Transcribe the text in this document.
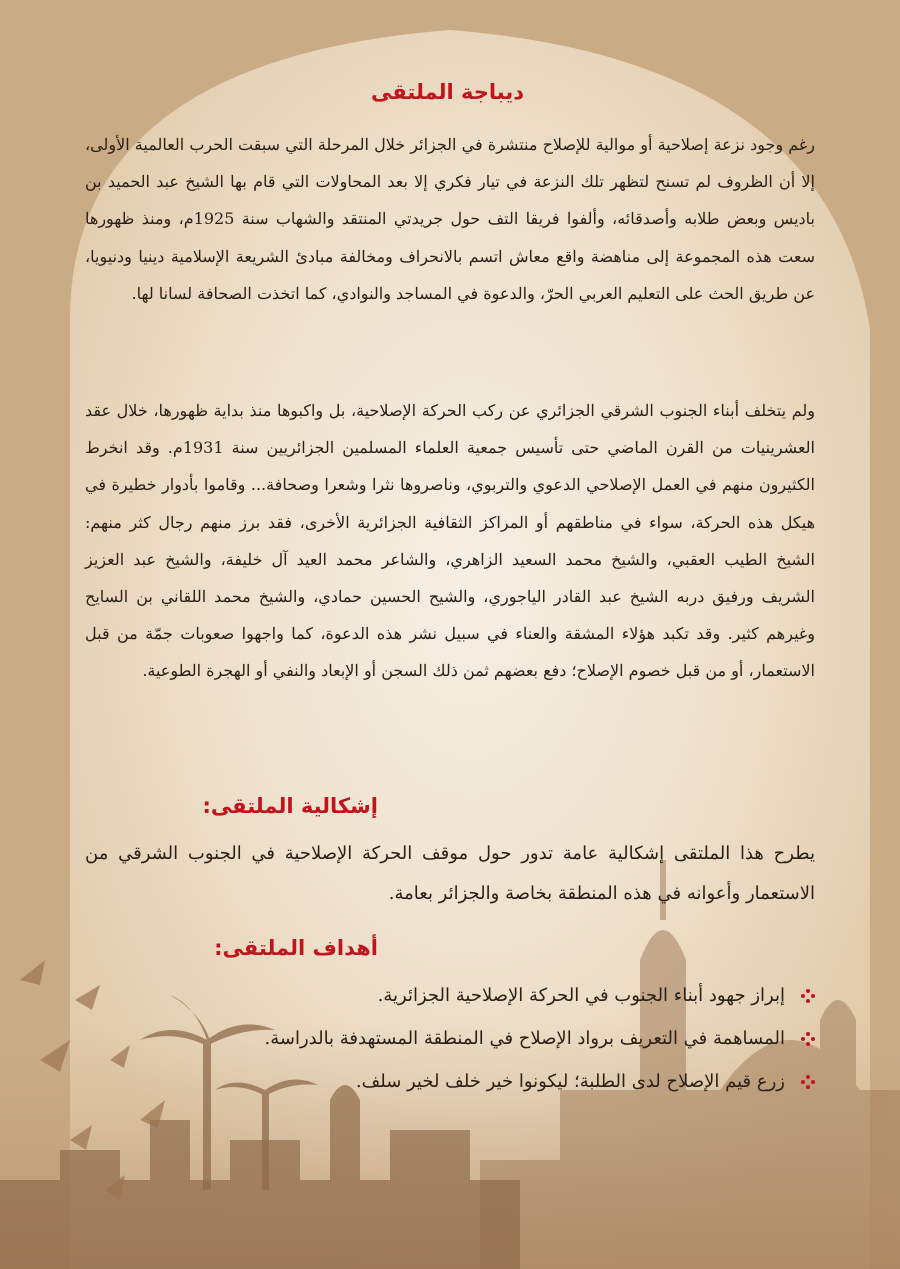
ديباجة الملتقى

رغم وجود نزعة إصلاحية أو موالية للإصلاح منتشرة في الجزائر خلال المرحلة التي سبقت الحرب العالمية الأولى، إلا أن الظروف لم تسنح لتظهر تلك النزعة في تيار فكري إلا بعد المحاولات التي قام بها الشيخ عبد الحميد بن باديس وبعض طلابه وأصدقائه، وألفوا فريقا التف حول جريدتي المنتقد والشهاب سنة 1925م، ومنذ ظهورها سعت هذه المجموعة إلى مناهضة واقع معاش اتسم بالانحراف ومخالفة مبادئ الشريعة الإسلامية دينيا ودنيويا، عن طريق الحث على التعليم العربي الحرّ، والدعوة في المساجد والنوادي، كما اتخذت الصحافة لسانا لها.

ولم يتخلف أبناء الجنوب الشرقي الجزائري عن ركب الحركة الإصلاحية، بل واكبوها منذ بداية ظهورها، خلال عقد العشرينيات من القرن الماضي حتى تأسيس جمعية العلماء المسلمين الجزائريين سنة 1931م. وقد انخرط الكثيرون منهم في العمل الإصلاحي الدعوي والتربوي، وناصروها نثرا وشعرا وصحافة... وقاموا بأدوار خطيرة في هيكل هذه الحركة، سواء في مناطقهم أو المراكز الثقافية الجزائرية الأخرى، فقد برز منهم رجال كثر منهم: الشيخ الطيب العقبي، والشيخ محمد السعيد الزاهري، والشاعر محمد العيد آل خليفة، والشيخ عبد العزيز الشريف ورفيق دربه الشيخ عبد القادر الياجوري، والشيح الحسين حمادي، والشيخ محمد اللقاني بن السايح وغيرهم كثير. وقد تكبد هؤلاء المشقة والعناء في سبيل نشر هذه الدعوة، كما واجهوا صعوبات جمّة من قبل الاستعمار، أو من قبل خصوم الإصلاح؛ دفع بعضهم ثمن ذلك السجن أو الإبعاد والنفي أو الهجرة الطوعية.

إشكالية الملتقى:

يطرح هذا الملتقى إشكالية عامة تدور حول موقف الحركة الإصلاحية في الجنوب الشرقي من الاستعمار وأعوانه في هذه المنطقة بخاصة والجزائر بعامة.

أهداف الملتقى:
إبراز جهود أبناء الجنوب في الحركة الإصلاحية الجزائرية.
المساهمة في التعريف برواد الإصلاح في المنطقة المستهدفة بالدراسة.
زرع قيم الإصلاح لدى الطلبة؛ ليكونوا خير خلف لخير سلف.
